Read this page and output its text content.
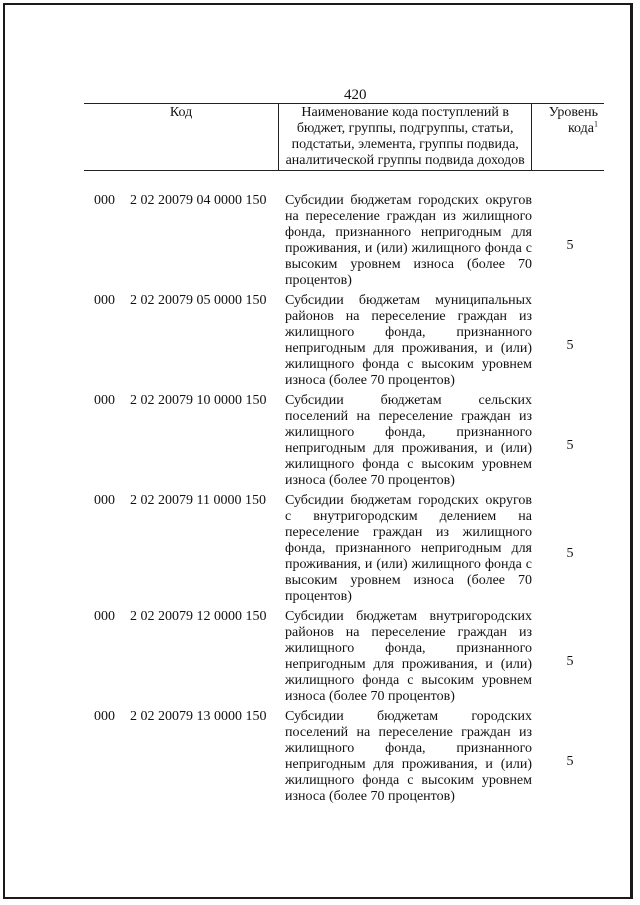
420
Код	Наименование кода поступлений в
бюджет, группы, подгруппы, статьи,
подстатьи, элемента, группы подвида,
аналитической группы подвида доходов

Уровень
кода$^1$
000 2 02 20079 04 0000 150 Субсидии бюджетам городских округов
на переселение граждан из жилищного
фонда, признанного непригодным для
проживания, и (или) жилищного фонда с
высоким уровнем износа (более 70
процентов)
5
000 2 02 20079 05 0000 150 Субсидии бюджетам муниципальных
районов на переселение граждан из
жилищного фонда, признанного
непригодным для проживания, и (или)
жилищного фонда с высоким уровнем
износа (более 70 процентов)
5
000 2 02 20079 10 0000 150 Субсидии бюджетам сельских
поселений на переселение граждан из
жилищного фонда, признанного
непригодным для проживания, и (или)
жилищного фонда с высоким уровнем
износа (более 70 процентов)
5
000 2 02 20079 11 0000 150 Субсидии бюджетам городских округов
с внутригородским делением на
переселение граждан из жилищного
фонда, признанного непригодным для
проживания, и (или) жилищного фонда с
высоким уровнем износа (более 70
процентов)
5
000 2 02 20079 12 0000 150 Субсидии бюджетам внутригородских
районов на переселение граждан из
жилищного фонда, признанного
непригодным для проживания, и (или)
жилищного фонда с высоким уровнем
износа (более 70 процентов)
5
000 2 02 20079 13 0000 150 Субсидии бюджетам городских
поселений на переселение граждан из
жилищного фонда, признанного
непригодным для проживания, и (или)
жилищного фонда с высоким уровнем
износа (более 70 процентов)
5
